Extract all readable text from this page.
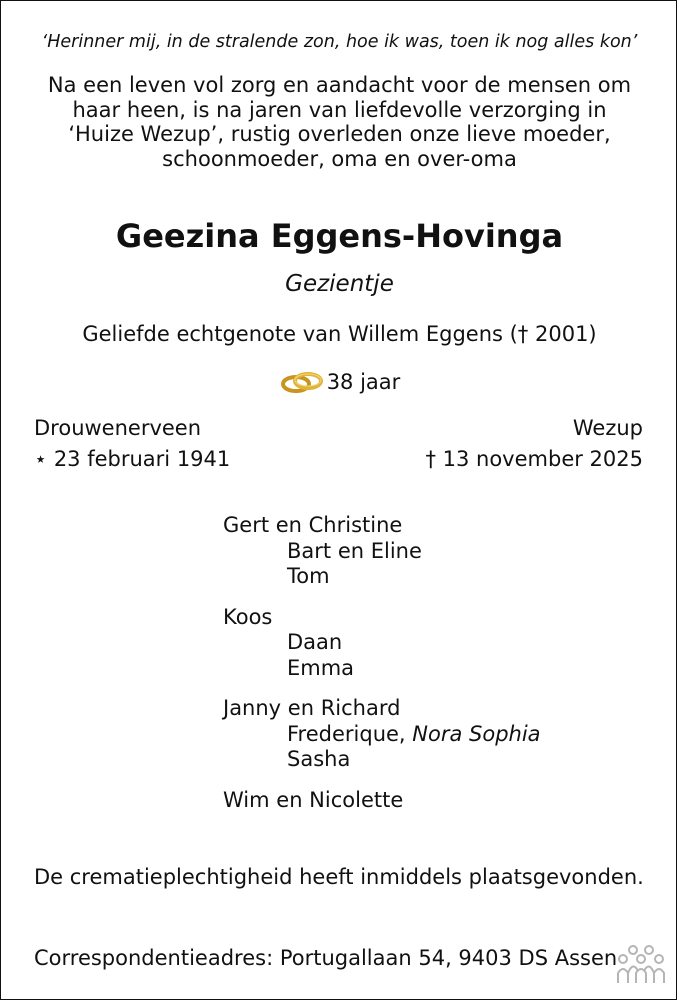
‘Herinner mij, in de stralende zon, hoe ik was, toen ik nog alles kon’
Na een leven vol zorg en aandacht voor de mensen om
haar heen, is na jaren van liefdevolle verzorging in
‘Huize Wezup’, rustig overleden onze lieve moeder,
schoonmoeder, oma en over-oma
Geezina Eggens-Hovinga
Gezientje
Geliefde echtgenote van Willem Eggens († 2001)
38 jaar
Drouwenerveen	Wezup
⋆ 23 februari 1941	† 13 november 2025
Gert en Christine
Bart en Eline
Tom
Koos
Daan
Emma
Janny en Richard
Frederique, Nora Sophia
Sasha
Wim en Nicolette
De crematieplechtigheid heeft inmiddels plaatsgevonden.
Correspondentieadres: Portugallaan 54, 9403 DS Assen
